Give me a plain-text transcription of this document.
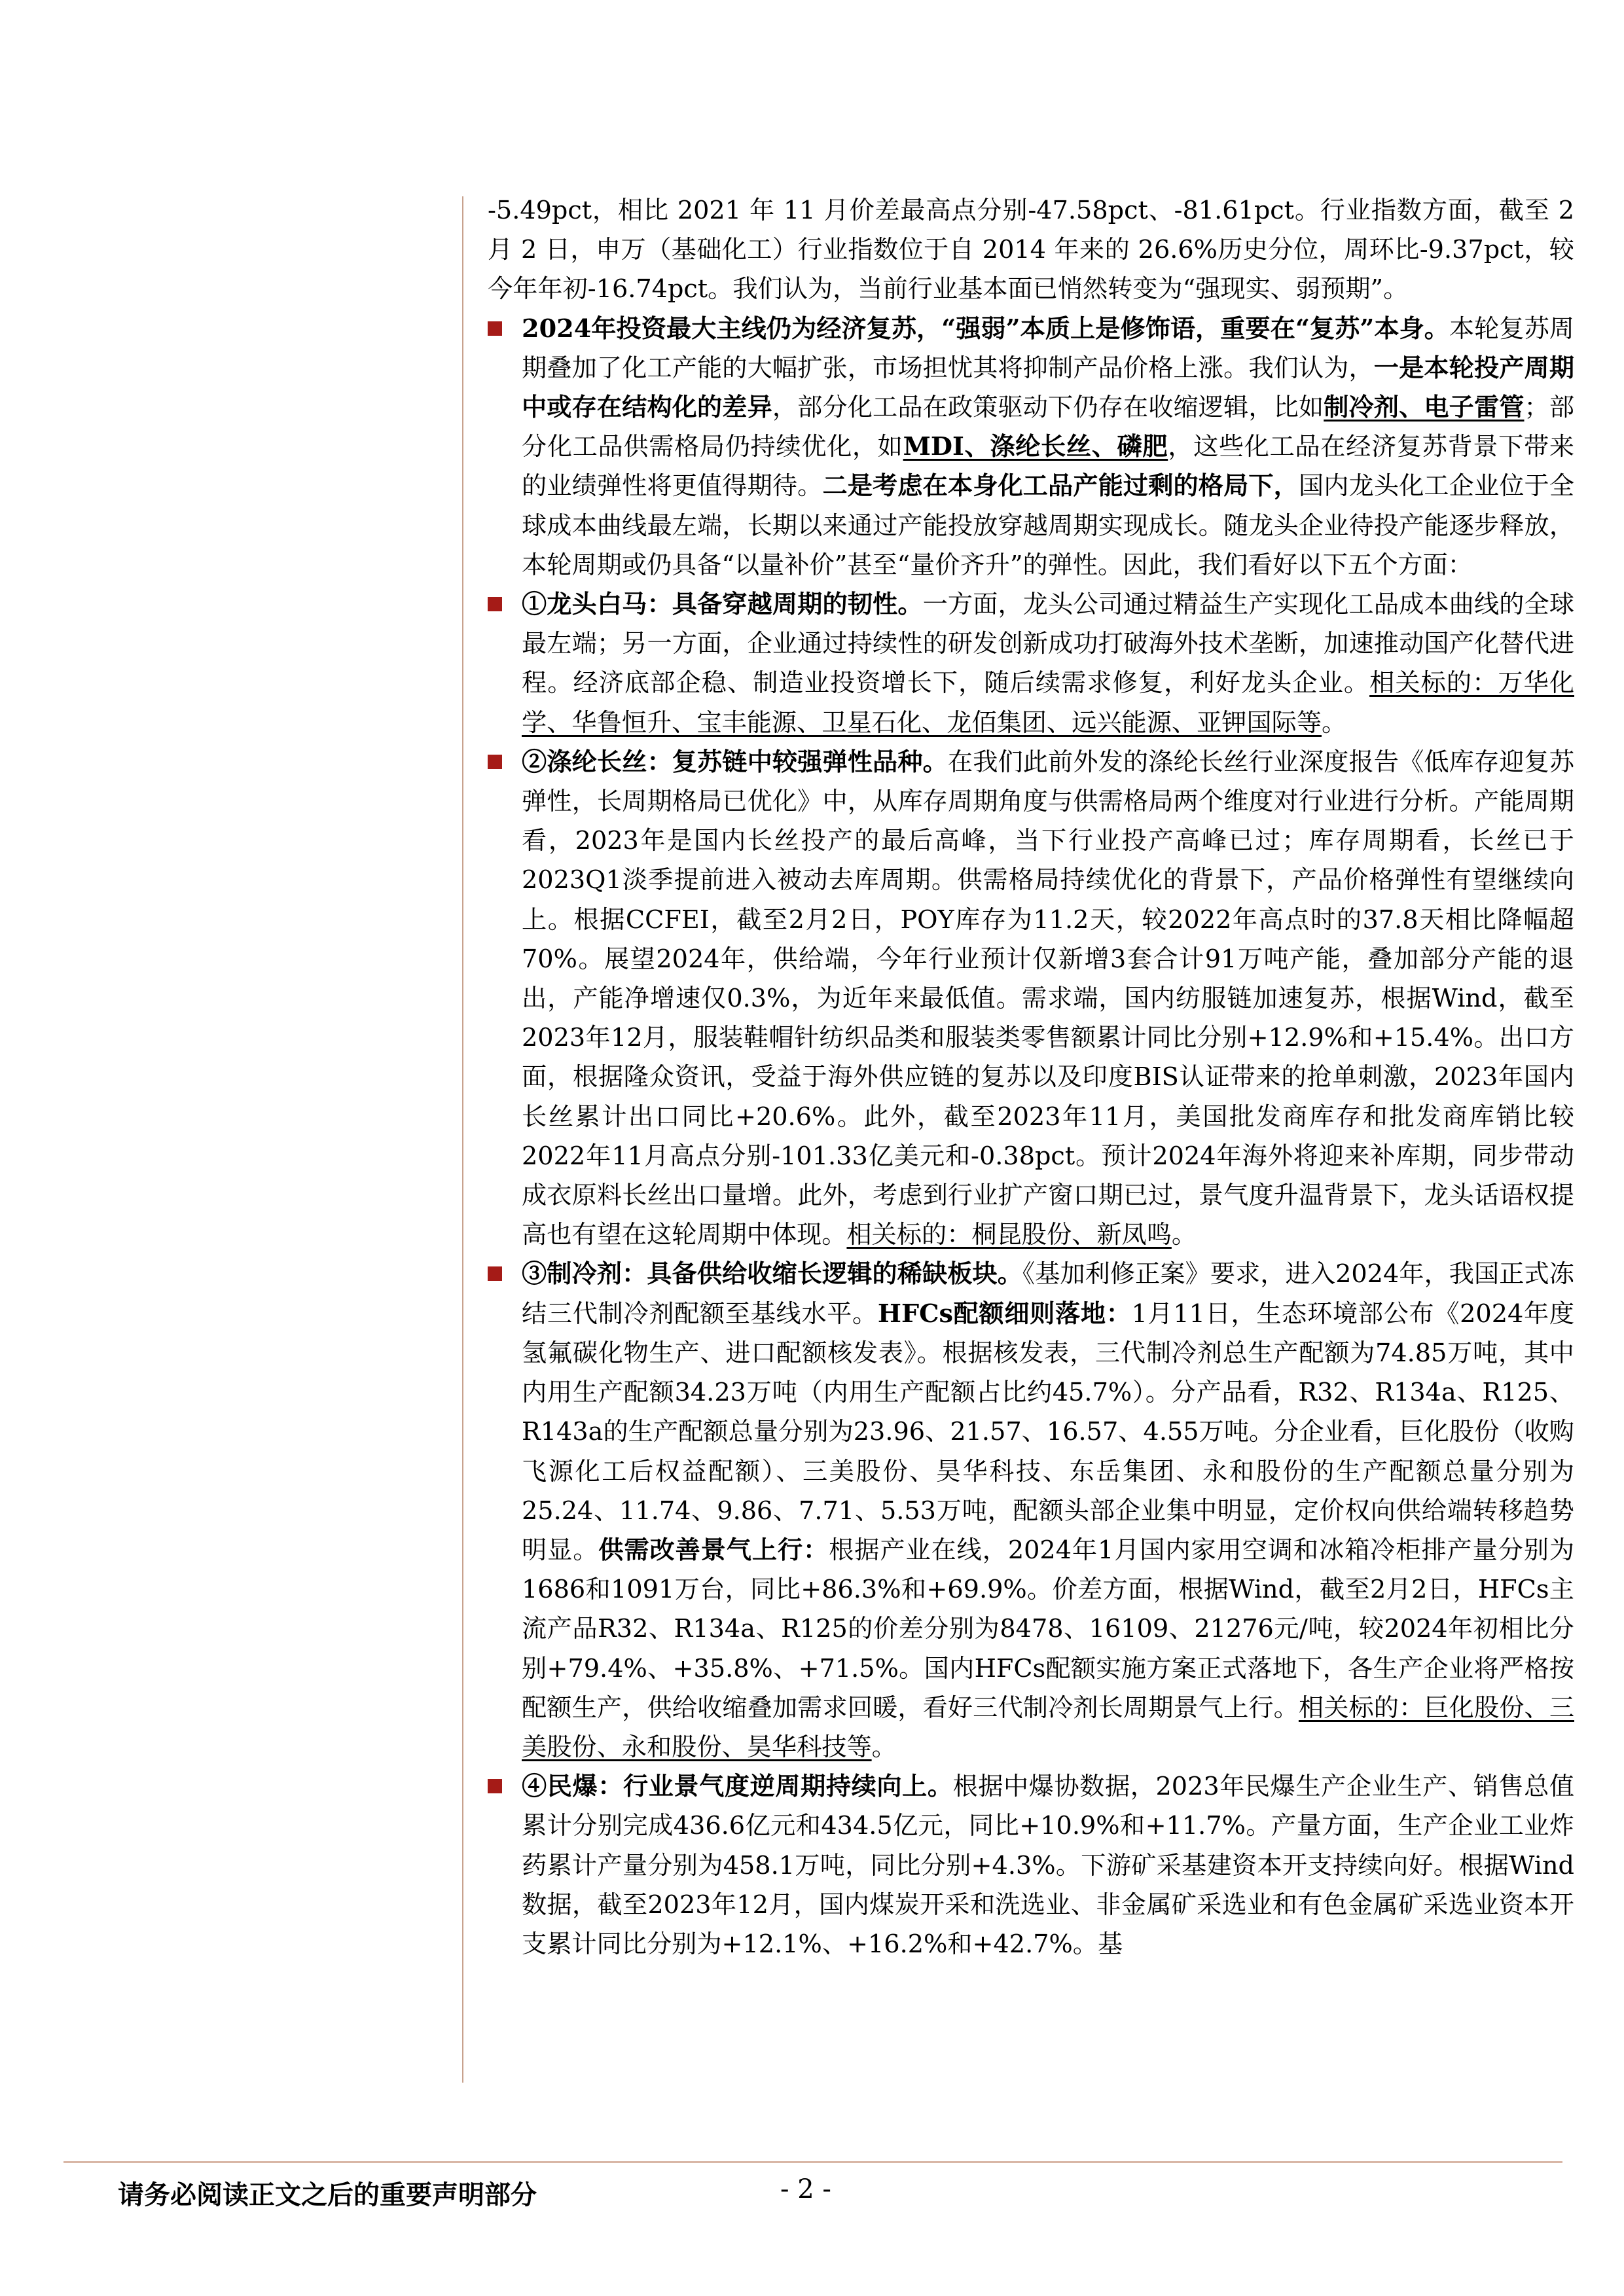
-5.49pct，相比 2021 年 11 月价差最高点分别-47.58pct、-81.61pct。行业指数方面，截至 2 月 2 日，申万（基础化工）行业指数位于自 2014 年来的 26.6%历史分位，周环比-9.37pct，较今年年初-16.74pct。我们认为，当前行业基本面已悄然转变为“强现实、弱预期”。

2024年投资最大主线仍为经济复苏，“强弱”本质上是修饰语，重要在“复苏”本身。本轮复苏周期叠加了化工产能的大幅扩张，市场担忧其将抑制产品价格上涨。我们认为，一是本轮投产周期中或存在结构化的差异，部分化工品在政策驱动下仍存在收缩逻辑，比如制冷剂、电子雷管；部分化工品供需格局仍持续优化，如MDI、涤纶长丝、磷肥，这些化工品在经济复苏背景下带来的业绩弹性将更值得期待。二是考虑在本身化工品产能过剩的格局下，国内龙头化工企业位于全球成本曲线最左端，长期以来通过产能投放穿越周期实现成长。随龙头企业待投产能逐步释放，本轮周期或仍具备“以量补价”甚至“量价齐升”的弹性。因此，我们看好以下五个方面：

①龙头白马：具备穿越周期的韧性。一方面，龙头公司通过精益生产实现化工品成本曲线的全球最左端；另一方面，企业通过持续性的研发创新成功打破海外技术垄断，加速推动国产化替代进程。经济底部企稳、制造业投资增长下，随后续需求修复，利好龙头企业。相关标的：万华化学、华鲁恒升、宝丰能源、卫星石化、龙佰集团、远兴能源、亚钾国际等。

②涤纶长丝：复苏链中较强弹性品种。在我们此前外发的涤纶长丝行业深度报告《低库存迎复苏弹性，长周期格局已优化》中，从库存周期角度与供需格局两个维度对行业进行分析。产能周期看，2023年是国内长丝投产的最后高峰，当下行业投产高峰已过；库存周期看，长丝已于2023Q1淡季提前进入被动去库周期。供需格局持续优化的背景下，产品价格弹性有望继续向上。根据CCFEI，截至2月2日，POY库存为11.2天，较2022年高点时的37.8天相比降幅超70%。展望2024年，供给端，今年行业预计仅新增3套合计91万吨产能，叠加部分产能的退出，产能净增速仅0.3%，为近年来最低值。需求端，国内纺服链加速复苏，根据Wind，截至2023年12月，服装鞋帽针纺织品类和服装类零售额累计同比分别+12.9%和+15.4%。出口方面，根据隆众资讯，受益于海外供应链的复苏以及印度BIS认证带来的抢单刺激，2023年国内长丝累计出口同比+20.6%。此外，截至2023年11月，美国批发商库存和批发商库销比较2022年11月高点分别-101.33亿美元和-0.38pct。预计2024年海外将迎来补库期，同步带动成衣原料长丝出口量增。此外，考虑到行业扩产窗口期已过，景气度升温背景下，龙头话语权提高也有望在这轮周期中体现。相关标的：桐昆股份、新凤鸣。

③制冷剂：具备供给收缩长逻辑的稀缺板块。《基加利修正案》要求，进入2024年，我国正式冻结三代制冷剂配额至基线水平。HFCs配额细则落地：1月11日，生态环境部公布《2024年度氢氟碳化物生产、进口配额核发表》。根据核发表，三代制冷剂总生产配额为74.85万吨，其中内用生产配额34.23万吨（内用生产配额占比约45.7%）。分产品看，R32、R134a、R125、R143a的生产配额总量分别为23.96、21.57、16.57、4.55万吨。分企业看，巨化股份（收购飞源化工后权益配额）、三美股份、昊华科技、东岳集团、永和股份的生产配额总量分别为25.24、11.74、9.86、7.71、5.53万吨，配额头部企业集中明显，定价权向供给端转移趋势明显。供需改善景气上行：根据产业在线，2024年1月国内家用空调和冰箱冷柜排产量分别为1686和1091万台，同比+86.3%和+69.9%。价差方面，根据Wind，截至2月2日，HFCs主流产品R32、R134a、R125的价差分别为8478、16109、21276元/吨，较2024年初相比分别+79.4%、+35.8%、+71.5%。国内HFCs配额实施方案正式落地下，各生产企业将严格按配额生产，供给收缩叠加需求回暖，看好三代制冷剂长周期景气上行。相关标的：巨化股份、三美股份、永和股份、昊华科技等。

④民爆：行业景气度逆周期持续向上。根据中爆协数据，2023年民爆生产企业生产、销售总值累计分别完成436.6亿元和434.5亿元，同比+10.9%和+11.7%。产量方面，生产企业工业炸药累计产量分别为458.1万吨，同比分别+4.3%。下游矿采基建资本开支持续向好。根据Wind数据，截至2023年12月，国内煤炭开采和洗选业、非金属矿采选业和有色金属矿采选业资本开支累计同比分别为+12.1%、+16.2%和+42.7%。基

请务必阅读正文之后的重要声明部分	- 2 -
